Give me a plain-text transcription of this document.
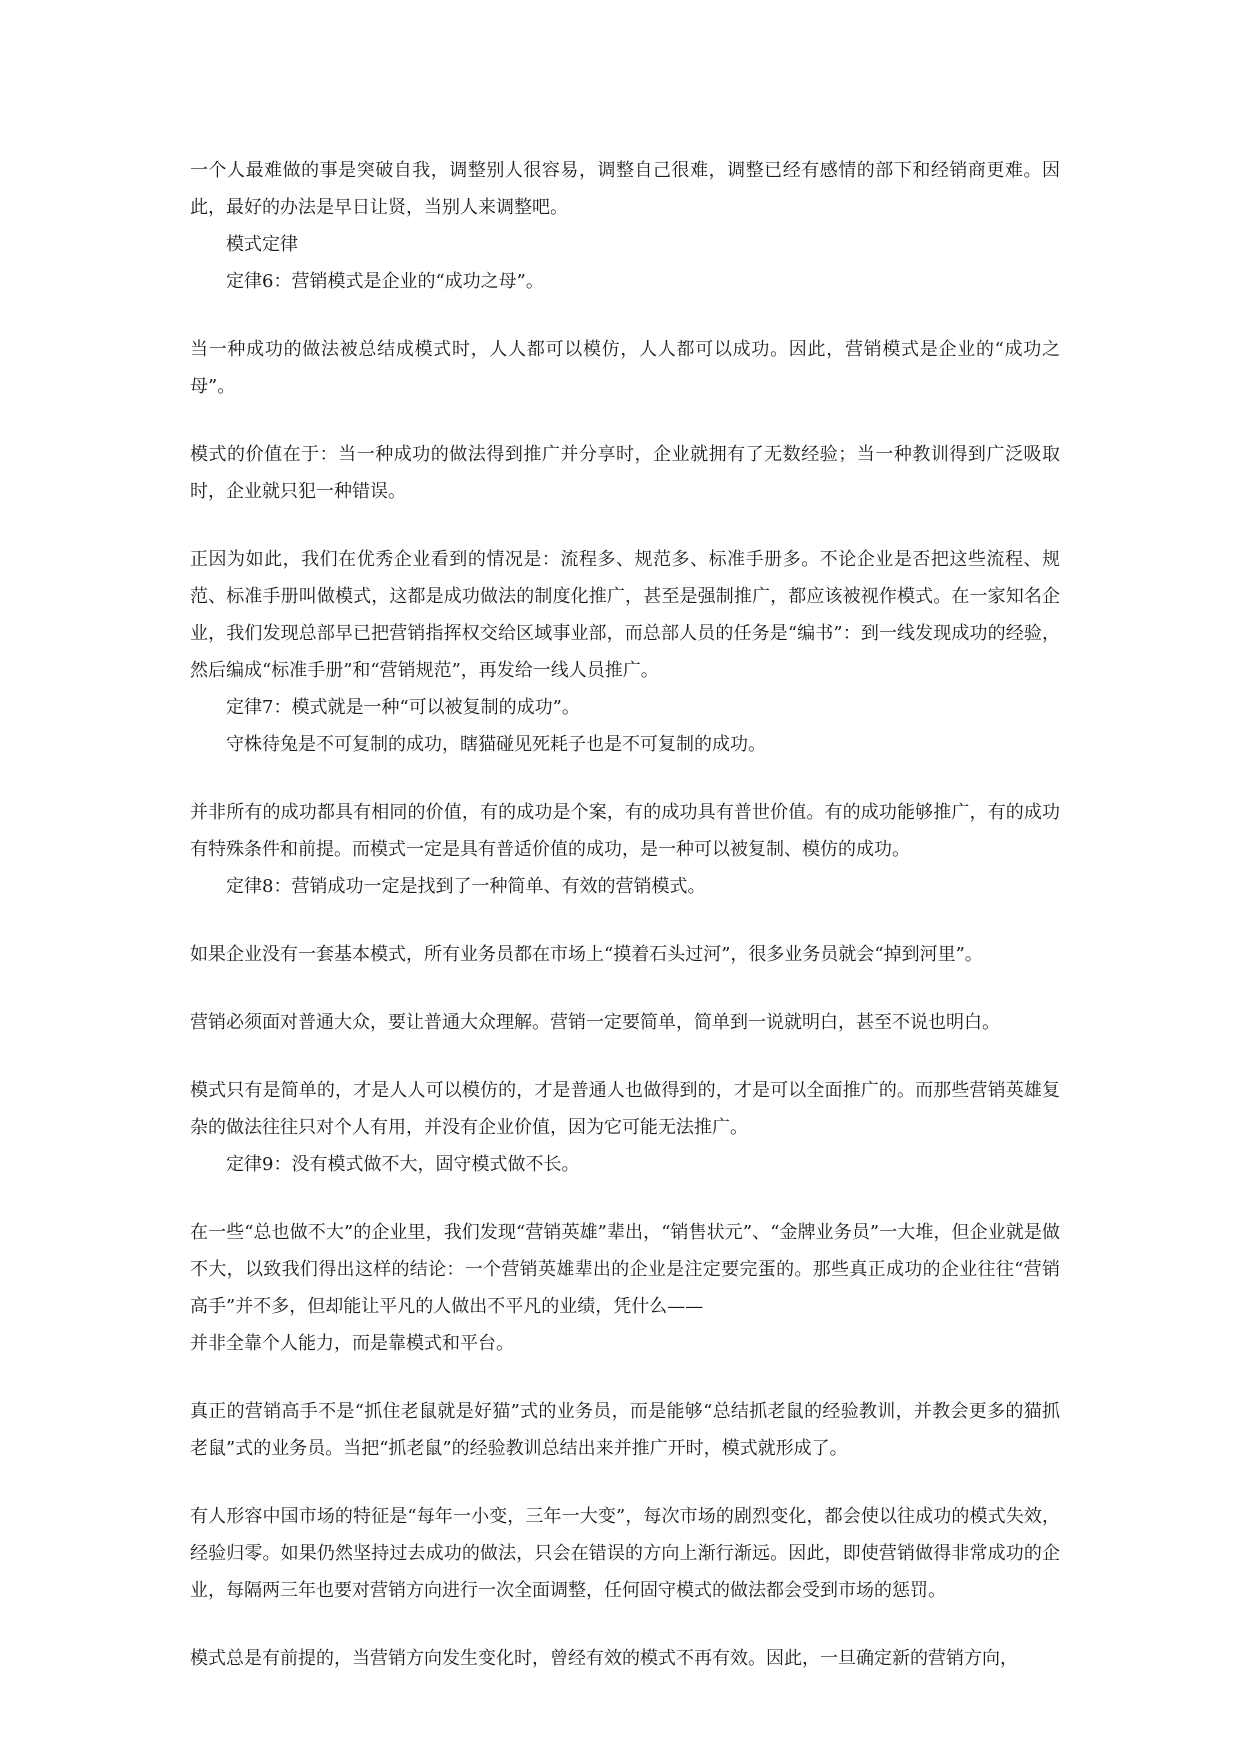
一个人最难做的事是突破自我，调整别人很容易，调整自己很难，调整已经有感情的部下和经销商更难。因此，最好的办法是早日让贤，当别人来调整吧。

模式定律

定律6：营销模式是企业的“成功之母”。

当一种成功的做法被总结成模式时，人人都可以模仿，人人都可以成功。因此，营销模式是企业的“成功之母”。

模式的价值在于：当一种成功的做法得到推广并分享时，企业就拥有了无数经验；当一种教训得到广泛吸取时，企业就只犯一种错误。

正因为如此，我们在优秀企业看到的情况是：流程多、规范多、标准手册多。不论企业是否把这些流程、规范、标准手册叫做模式，这都是成功做法的制度化推广，甚至是强制推广，都应该被视作模式。在一家知名企业，我们发现总部早已把营销指挥权交给区域事业部，而总部人员的任务是“编书”：到一线发现成功的经验，然后编成“标准手册”和“营销规范”，再发给一线人员推广。

定律7：模式就是一种“可以被复制的成功”。

守株待兔是不可复制的成功，瞎猫碰见死耗子也是不可复制的成功。

并非所有的成功都具有相同的价值，有的成功是个案，有的成功具有普世价值。有的成功能够推广，有的成功有特殊条件和前提。而模式一定是具有普适价值的成功，是一种可以被复制、模仿的成功。

定律8：营销成功一定是找到了一种简单、有效的营销模式。

如果企业没有一套基本模式，所有业务员都在市场上“摸着石头过河”，很多业务员就会“掉到河里”。

营销必须面对普通大众，要让普通大众理解。营销一定要简单，简单到一说就明白，甚至不说也明白。

模式只有是简单的，才是人人可以模仿的，才是普通人也做得到的，才是可以全面推广的。而那些营销英雄复杂的做法往往只对个人有用，并没有企业价值，因为它可能无法推广。

定律9：没有模式做不大，固守模式做不长。

在一些“总也做不大”的企业里，我们发现“营销英雄”辈出，“销售状元”、“金牌业务员”一大堆，但企业就是做不大，以致我们得出这样的结论：一个营销英雄辈出的企业是注定要完蛋的。那些真正成功的企业往往“营销高手”并不多，但却能让平凡的人做出不平凡的业绩，凭什么——

并非全靠个人能力，而是靠模式和平台。

真正的营销高手不是“抓住老鼠就是好猫”式的业务员，而是能够“总结抓老鼠的经验教训，并教会更多的猫抓老鼠”式的业务员。当把“抓老鼠”的经验教训总结出来并推广开时，模式就形成了。

有人形容中国市场的特征是“每年一小变，三年一大变”，每次市场的剧烈变化，都会使以往成功的模式失效，经验归零。如果仍然坚持过去成功的做法，只会在错误的方向上渐行渐远。因此，即使营销做得非常成功的企业，每隔两三年也要对营销方向进行一次全面调整，任何固守模式的做法都会受到市场的惩罚。

模式总是有前提的，当营销方向发生变化时，曾经有效的模式不再有效。因此，一旦确定新的营销方向，
